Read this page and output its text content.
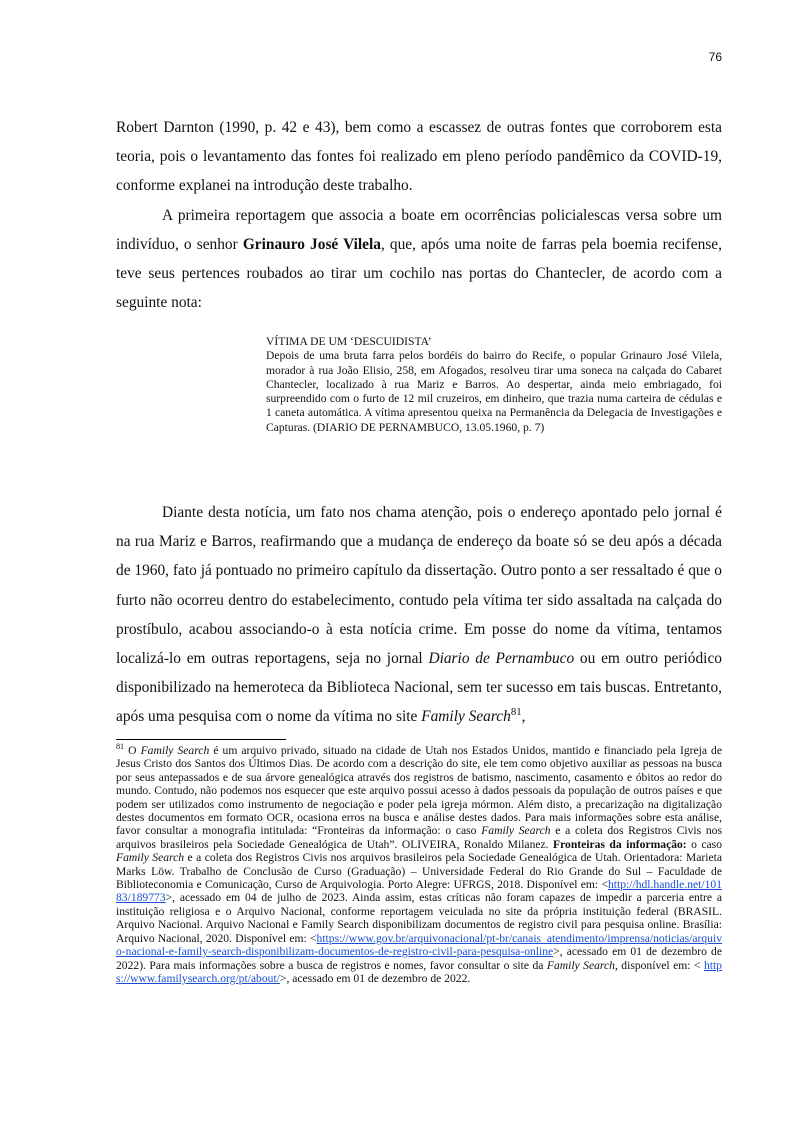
76

Robert Darnton (1990, p. 42 e 43), bem como a escassez de outras fontes que corroborem esta teoria, pois o levantamento das fontes foi realizado em pleno período pandêmico da COVID-19, conforme explanei na introdução deste trabalho.

A primeira reportagem que associa a boate em ocorrências policialescas versa sobre um indivíduo, o senhor Grinauro José Vilela, que, após uma noite de farras pela boemia recifense, teve seus pertences roubados ao tirar um cochilo nas portas do Chantecler, de acordo com a seguinte nota:

VÍTIMA DE UM ‘DESCUIDISTA’

Depois de uma bruta farra pelos bordéis do bairro do Recife, o popular Grinauro José Vilela, morador à rua João Elisio, 258, em Afogados, resolveu tirar uma soneca na calçada do Cabaret Chantecler, localizado à rua Mariz e Barros. Ao despertar, ainda meio embriagado, foi surpreendido com o furto de 12 mil cruzeiros, em dinheiro, que trazia numa carteira de cédulas e 1 caneta automática. A vítima apresentou queixa na Permanência da Delegacia de Investigações e Capturas. (DIARIO DE PERNAMBUCO, 13.05.1960, p. 7)

Diante desta notícia, um fato nos chama atenção, pois o endereço apontado pelo jornal é na rua Mariz e Barros, reafirmando que a mudança de endereço da boate só se deu após a década de 1960, fato já pontuado no primeiro capítulo da dissertação. Outro ponto a ser ressaltado é que o furto não ocorreu dentro do estabelecimento, contudo pela vítima ter sido assaltada na calçada do prostíbulo, acabou associando-o à esta notícia crime. Em posse do nome da vítima, tentamos localizá-lo em outras reportagens, seja no jornal Diario de Pernambuco ou em outro periódico disponibilizado na hemeroteca da Biblioteca Nacional, sem ter sucesso em tais buscas. Entretanto, após uma pesquisa com o nome da vítima no site Family Search$^{81}$,

$^{81}$ O Family Search é um arquivo privado, situado na cidade de Utah nos Estados Unidos, mantido e financiado pela Igreja de Jesus Cristo dos Santos dos Últimos Dias. De acordo com a descrição do site, ele tem como objetivo auxiliar as pessoas na busca por seus antepassados e de sua árvore genealógica através dos registros de batismo, nascimento, casamento e óbitos ao redor do mundo. Contudo, não podemos nos esquecer que este arquivo possui acesso à dados pessoais da população de outros países e que podem ser utilizados como instrumento de negociação e poder pela igreja mórmon. Além disto, a precarização na digitalização destes documentos em formato OCR, ocasiona erros na busca e análise destes dados. Para mais informações sobre esta análise, favor consultar a monografia intitulada: “Fronteiras da informação: o caso Family Search e a coleta dos Registros Civis nos arquivos brasileiros pela Sociedade Genealógica de Utah”. OLIVEIRA, Ronaldo Milanez. Fronteiras da informação: o caso Family Search e a coleta dos Registros Civis nos arquivos brasileiros pela Sociedade Genealógica de Utah. Orientadora: Marieta Marks Löw. Trabalho de Conclusão de Curso (Graduação) – Universidade Federal do Rio Grande do Sul – Faculdade de Biblioteconomia e Comunicação, Curso de Arquivologia. Porto Alegre: UFRGS, 2018. Disponível em: <http://hdl.handle.net/10183/189773>, acessado em 04 de julho de 2023. Ainda assim, estas críticas não foram capazes de impedir a parceria entre a instituição religiosa e o Arquivo Nacional, conforme reportagem veiculada no site da própria instituição federal (BRASIL. Arquivo Nacional. Arquivo Nacional e Family Search disponibilizam documentos de registro civil para pesquisa online. Brasília: Arquivo Nacional, 2020. Disponível em: <https://www.gov.br/arquivonacional/pt-br/canais_atendimento/imprensa/noticias/arquivo-nacional-e-family-search-disponibilizam-documentos-de-registro-civil-para-pesquisa-online>, acessado em 01 de dezembro de 2022). Para mais informações sobre a busca de registros e nomes, favor consultar o site da Family Search, disponível em: < https://www.familysearch.org/pt/about/>, acessado em 01 de dezembro de 2022.
